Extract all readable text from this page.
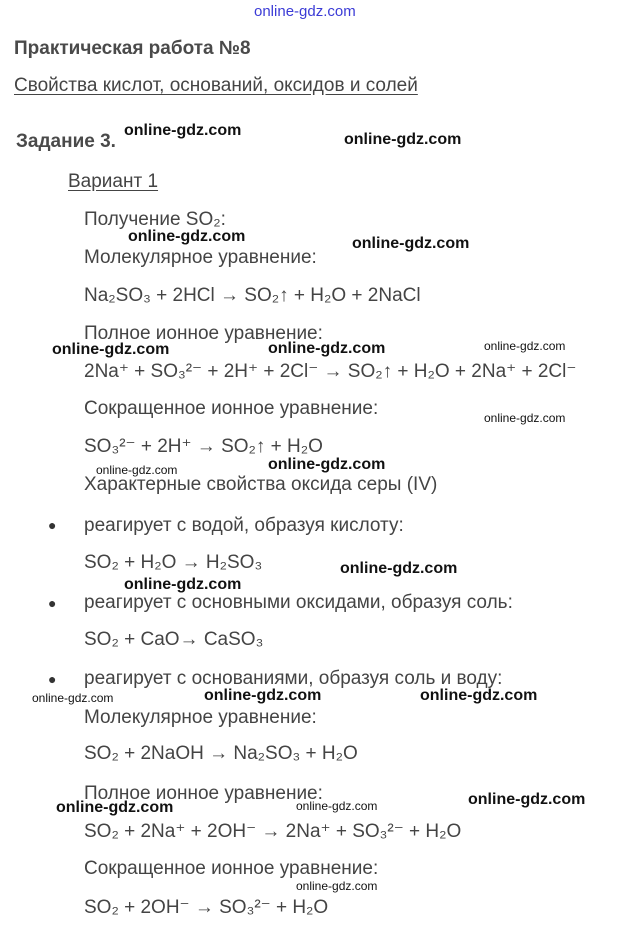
online-gdz.com
online-gdz.com
online-gdz.com
online-gdz.com	online-gdz.com
online-gdz.com	online-gdz.com	online-gdz.com
online-gdz.com
online-gdz.com	online-gdz.com
online-gdz.com
online-gdz.com
online-gdz.com	online-gdz.com	online-gdz.com
online-gdz.com
online-gdz.com	online-gdz.com
online-gdz.com
Практическая работа №8
Свойства кислот, оснований, оксидов и солей
Задание 3.
Вариант 1
Получение SO₂:
Молекулярное уравнение:
Na₂SO₃ + 2HCl → SO₂↑ + H₂O + 2NaCl
Полное ионное уравнение:
2Na⁺ + SO₃²⁻ + 2H⁺ + 2Cl⁻ → SO₂↑ + H₂O + 2Na⁺ + 2Cl⁻
Сокращенное ионное уравнение:
SO₃²⁻ + 2H⁺ → SO₂↑ + H₂O
Характерные свойства оксида серы (IV)
● реагирует с водой, образуя кислоту:
SO₂ + H₂O → H₂SO₃
● реагирует с основными оксидами, образуя соль:
SO₂ + CaO→ CaSO₃
● реагирует с основаниями, образуя соль и воду:
Молекулярное уравнение:
SO₂ + 2NaOH → Na₂SO₃ + H₂O
Полное ионное уравнение:
SO₂ + 2Na⁺ + 2OH⁻ → 2Na⁺ + SO₃²⁻ + H₂O
Сокращенное ионное уравнение:
SO₂ + 2OH⁻ → SO₃²⁻ + H₂O
